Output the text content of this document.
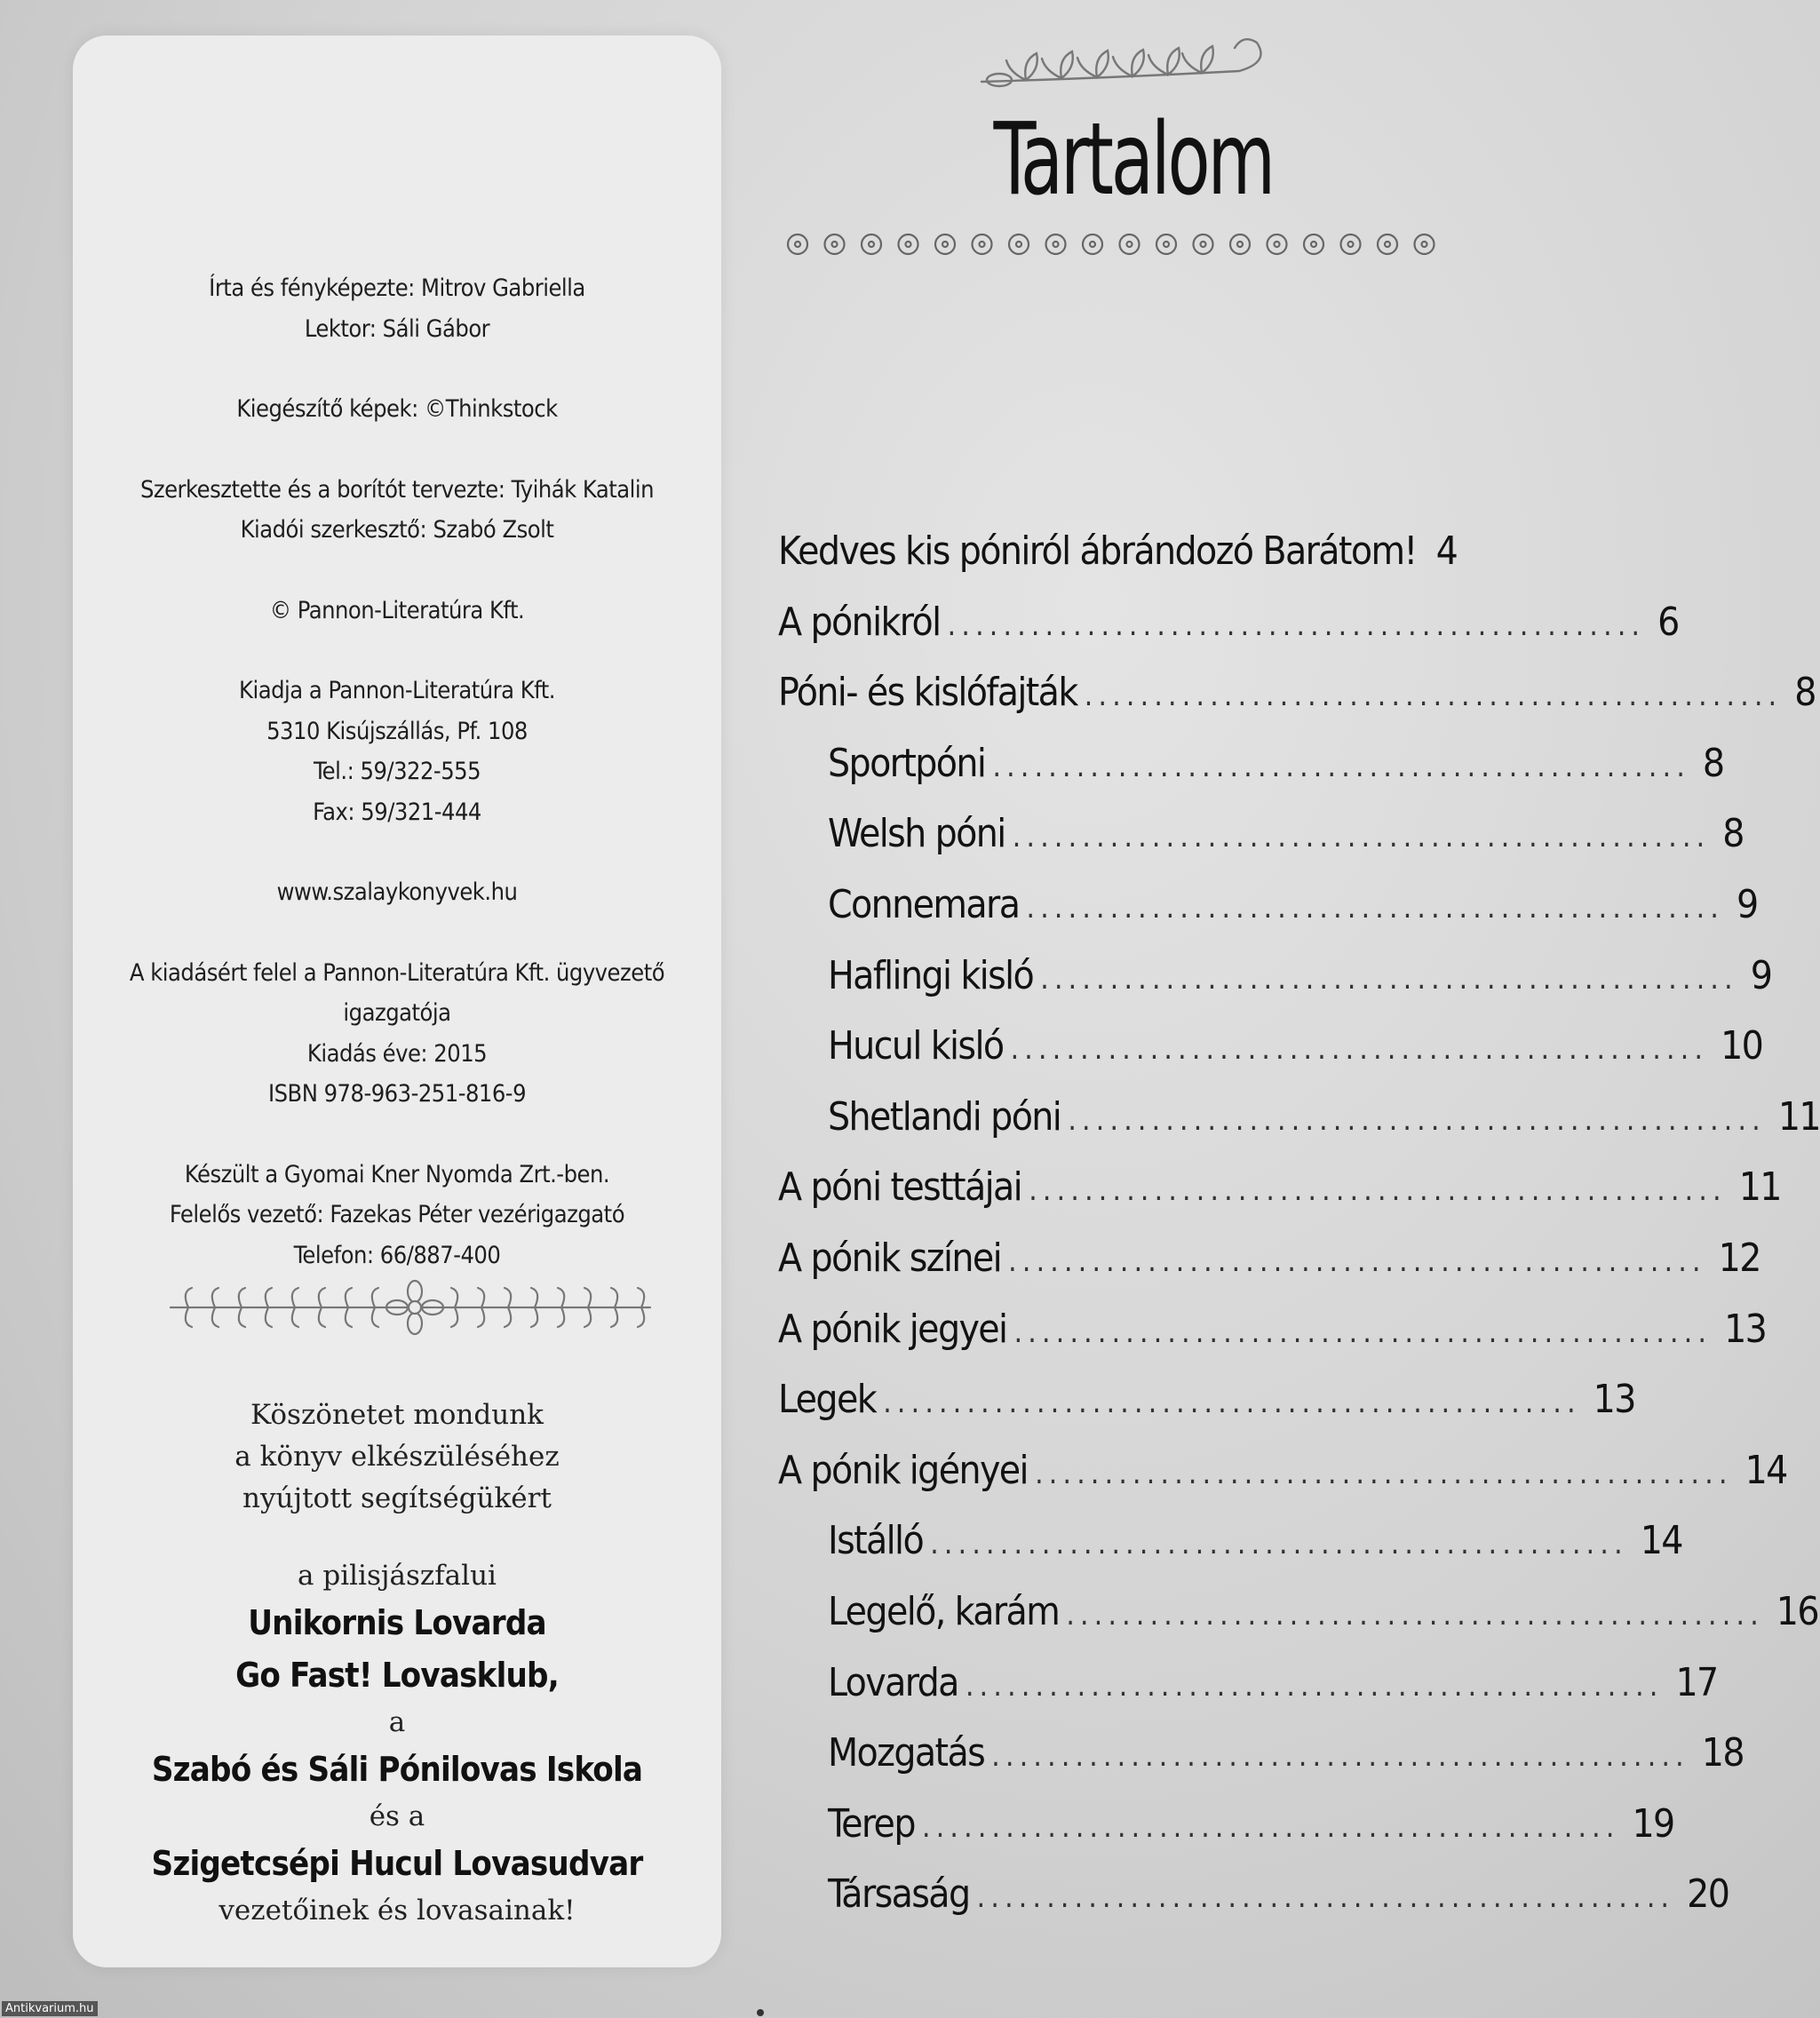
Írta és fényképezte: Mitrov Gabriella
Lektor: Sáli Gábor
Kiegészítő képek: ©Thinkstock
Szerkesztette és a borítót tervezte: Tyihák Katalin
Kiadói szerkesztő: Szabó Zsolt
© Pannon-Literatúra Kft.
Kiadja a Pannon-Literatúra Kft.
5310 Kisújszállás, Pf. 108
Tel.: 59/322-555
Fax: 59/321-444
www.szalaykonyvek.hu
A kiadásért felel a Pannon-Literatúra Kft. ügyvezető igazgatója
Kiadás éve: 2015
ISBN 978-963-251-816-9
Készült a Gyomai Kner Nyomda Zrt.-ben.
Felelős vezető: Fazekas Péter vezérigazgató
Telefon: 66/887-400
Köszönetet mondunk
a könyv elkészüléséhez
nyújtott segítségükért
a pilisjászfalui
Unikornis Lovarda
Go Fast! Lovasklub,
a
Szabó és Sáli Pónilovas Iskola
és a
Szigetcsépi Hucul Lovasudvar
vezetőinek és lovasainak!
Tartalom
Kedves kis póniról ábrándozó Barátom! 4
A pónikról .................................................. 6
Póni- és kislófajták .................................................. 8
Sportpóni .................................................. 8
Welsh póni .................................................. 8
Connemara .................................................. 9
Haflingi kisló .................................................. 9
Hucul kisló .................................................. 10
Shetlandi póni .................................................. 11
A póni testtájai .................................................. 11
A pónik színei .................................................. 12
A pónik jegyei .................................................. 13
Legek .................................................. 13
A pónik igényei .................................................. 14
Istálló .................................................. 14
Legelő, karám .................................................. 16
Lovarda .................................................. 17
Mozgatás .................................................. 18
Terep .................................................. 19
Társaság .................................................. 20
Antikvarium.hu
